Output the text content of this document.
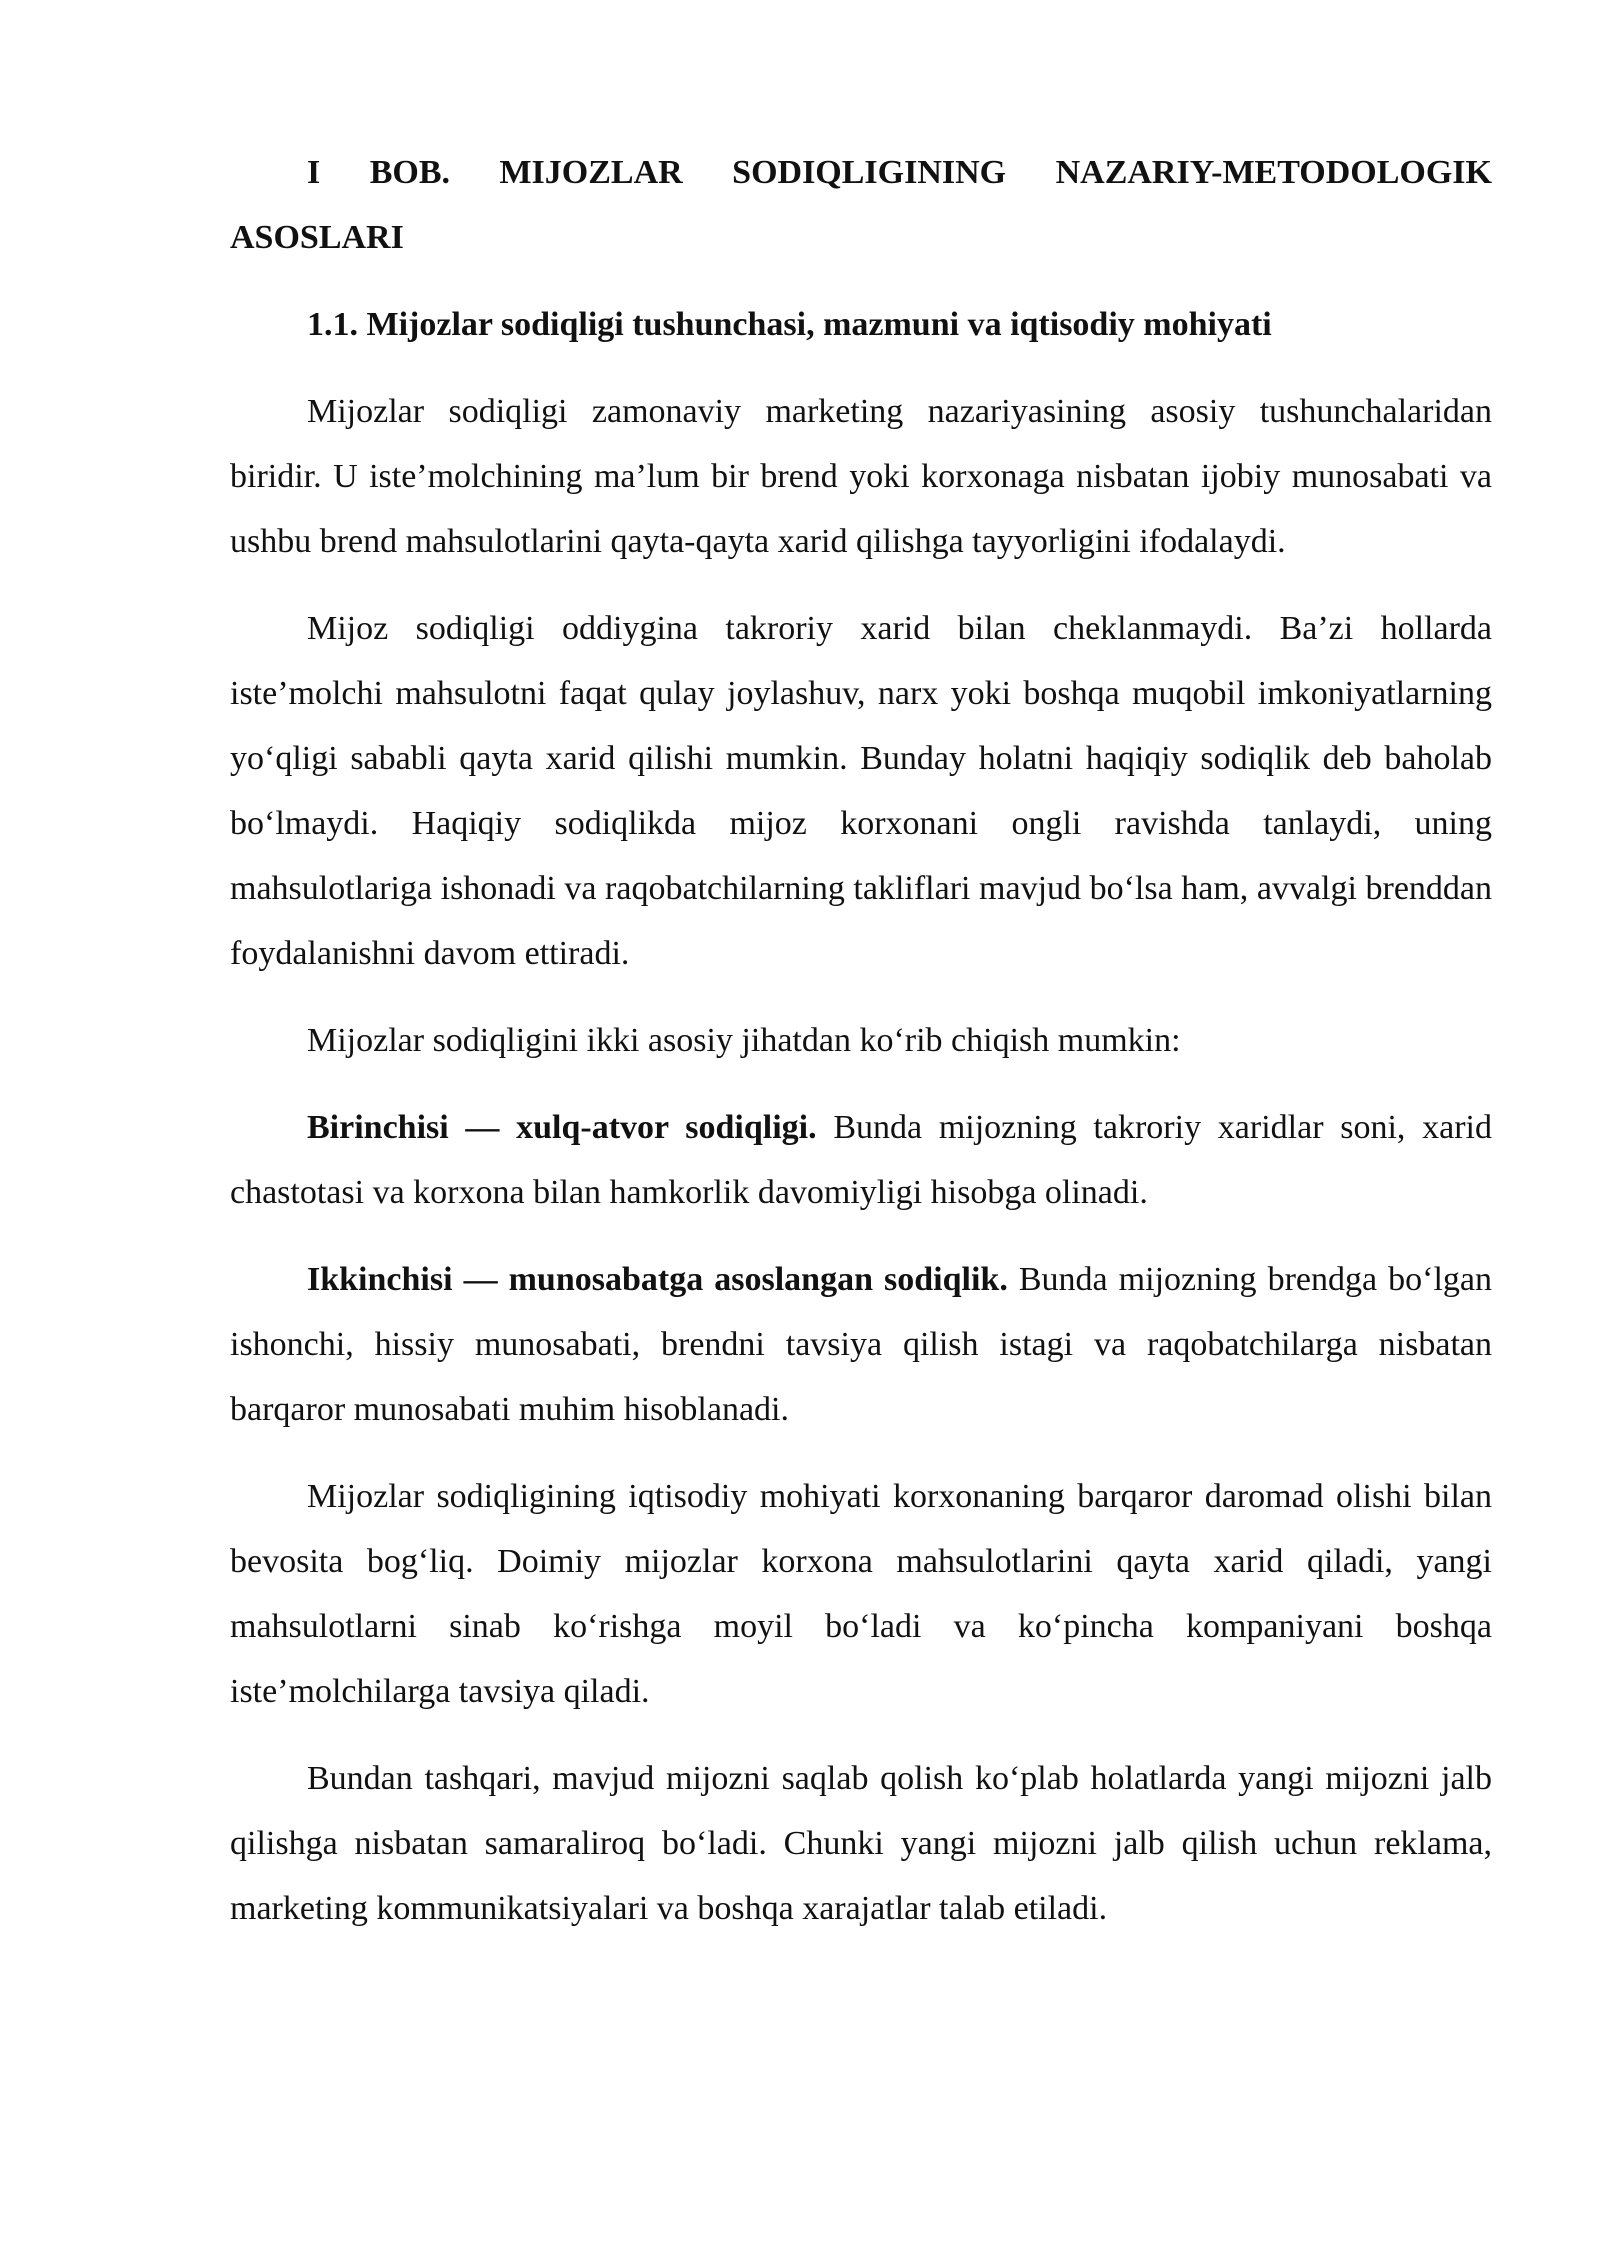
I BOB. MIJOZLAR SODIQLIGINING NAZARIY-METODOLOGIK ASOSLARI

1.1. Mijozlar sodiqligi tushunchasi, mazmuni va iqtisodiy mohiyati

Mijozlar sodiqligi zamonaviy marketing nazariyasining asosiy tushunchalaridan biridir. U iste’molchining ma’lum bir brend yoki korxonaga nisbatan ijobiy munosabati va ushbu brend mahsulotlarini qayta-qayta xarid qilishga tayyorligini ifodalaydi.

Mijoz sodiqligi oddiygina takroriy xarid bilan cheklanmaydi. Ba’zi hollarda iste’molchi mahsulotni faqat qulay joylashuv, narx yoki boshqa muqobil imkoniyatlarning yo‘qligi sababli qayta xarid qilishi mumkin. Bunday holatni haqiqiy sodiqlik deb baholab bo‘lmaydi. Haqiqiy sodiqlikda mijoz korxonani ongli ravishda tanlaydi, uning mahsulotlariga ishonadi va raqobatchilarning takliflari mavjud bo‘lsa ham, avvalgi brenddan foydalanishni davom ettiradi.

Mijozlar sodiqligini ikki asosiy jihatdan ko‘rib chiqish mumkin:

Birinchisi — xulq-atvor sodiqligi. Bunda mijozning takroriy xaridlar soni, xarid chastotasi va korxona bilan hamkorlik davomiyligi hisobga olinadi.

Ikkinchisi — munosabatga asoslangan sodiqlik. Bunda mijozning brendga bo‘lgan ishonchi, hissiy munosabati, brendni tavsiya qilish istagi va raqobatchilarga nisbatan barqaror munosabati muhim hisoblanadi.

Mijozlar sodiqligining iqtisodiy mohiyati korxonaning barqaror daromad olishi bilan bevosita bog‘liq. Doimiy mijozlar korxona mahsulotlarini qayta xarid qiladi, yangi mahsulotlarni sinab ko‘rishga moyil bo‘ladi va ko‘pincha kompaniyani boshqa iste’molchilarga tavsiya qiladi.

Bundan tashqari, mavjud mijozni saqlab qolish ko‘plab holatlarda yangi mijozni jalb qilishga nisbatan samaraliroq bo‘ladi. Chunki yangi mijozni jalb qilish uchun reklama, marketing kommunikatsiyalari va boshqa xarajatlar talab etiladi.
